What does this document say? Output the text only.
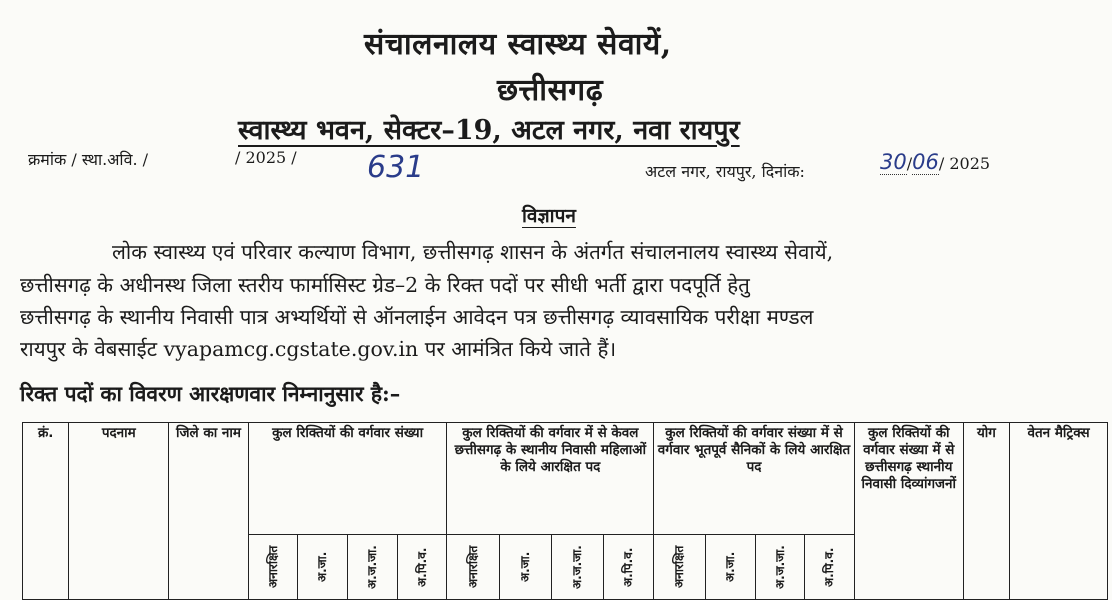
संचालनालय स्वास्थ्य सेवायें,
छत्तीसगढ़
स्वास्थ्य भवन, सेक्टर–19, अटल नगर, नवा रायपुर
क्रमांक / स्था.अवि. /	/ 2025 / 631	अटल नगर, रायपुर, दिनांक:	30/06/ 2025
विज्ञापन
लोक स्वास्थ्य एवं परिवार कल्याण विभाग, छत्तीसगढ़ शासन के अंतर्गत संचालनालय स्वास्थ्य सेवायें,
छत्तीसगढ़ के अधीनस्थ जिला स्तरीय फार्मासिस्ट ग्रेड–2 के रिक्त पदों पर सीधी भर्ती द्वारा पदपूर्ति हेतु
छत्तीसगढ़ के स्थानीय निवासी पात्र अभ्यर्थियों से ऑनलाईन आवेदन पत्र छत्तीसगढ़ व्यावसायिक परीक्षा मण्डल
रायपुर के वेबसाईट vyapamcg.cgstate.gov.in पर आमंत्रित किये जाते हैं।
रिक्त पदों का विवरण आरक्षणवार निम्नानुसार है:–
क्रं.	पदनाम	जिले का नाम	कुल रिक्तियों की वर्गवार संख्या				कुल रिक्तियों की वर्गवार में से केवल छत्तीसगढ़ के स्थानीय निवासी महिलाओं के लिये आरक्षित पद				कुल रिक्तियों की वर्गवार संख्या में से वर्गवार भूतपूर्व सैनिकों के लिये आरक्षित पद				कुल रिक्तियों की वर्गवार संख्या में से छत्तीसगढ़ स्थानीय निवासी दिव्यांगजनों	योग	वेतन मैट्रिक्स

			अनारक्षित	अ.जा.	अ.ज.जा.	अ.पि.व.	अनारक्षित	अ.जा.	अ.ज.जा.	अ.पि.व.	अनारक्षित	अ.जा.	अ.ज.जा.	अ.पि.व.			
